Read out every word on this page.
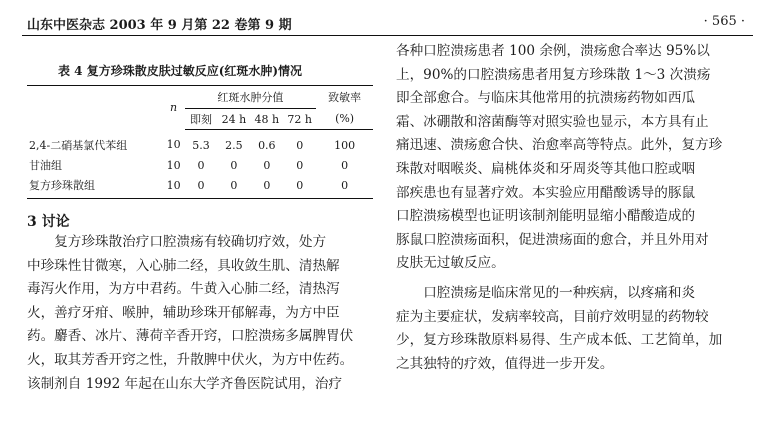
山东中医杂志 2003 年 9 月第 22 卷第 9 期	· 565 ·
表 4 复方珍珠散皮肤过敏反应(红斑水肿)情况
	n	红斑水肿分值				致敏率
		即刻	24 h	48 h	72 h	(%)
2,4-二硝基氯代苯组	10	5.3	2.5	0.6	0	100
甘油组	10	0	0	0	0	0
复方珍珠散组	10	0	0	0	0	0
3 讨论

复方珍珠散治疗口腔溃疡有较确切疗效，处方
中珍珠性甘微寒，入心肺二经，具收敛生肌、清热解
毒泻火作用，为方中君药。牛黄入心肺二经，清热泻
火，善疗牙疳、喉肿，辅助珍珠开郁解毒，为方中臣
药。麝香、冰片、薄荷辛香开窍，口腔溃疡多属脾胃伏
火，取其芳香开窍之性，升散脾中伏火，为方中佐药。
该制剂自 1992 年起在山东大学齐鲁医院试用，治疗

各种口腔溃疡患者 100 余例，溃疡愈合率达 95%以
上，90%的口腔溃疡患者用复方珍珠散 1～3 次溃疡
即全部愈合。与临床其他常用的抗溃疡药物如西瓜
霜、冰硼散和溶菌酶等对照实验也显示，本方具有止
痛迅速、溃疡愈合快、治愈率高等特点。此外，复方珍
珠散对咽喉炎、扁桃体炎和牙周炎等其他口腔或咽
部疾患也有显著疗效。本实验应用醋酸诱导的豚鼠
口腔溃疡模型也证明该制剂能明显缩小醋酸造成的
豚鼠口腔溃疡面积，促进溃疡面的愈合，并且外用对
皮肤无过敏反应。

口腔溃疡是临床常见的一种疾病，以疼痛和炎
症为主要症状，发病率较高，目前疗效明显的药物较
少，复方珍珠散原料易得、生产成本低、工艺简单，加
之其独特的疗效，值得进一步开发。
